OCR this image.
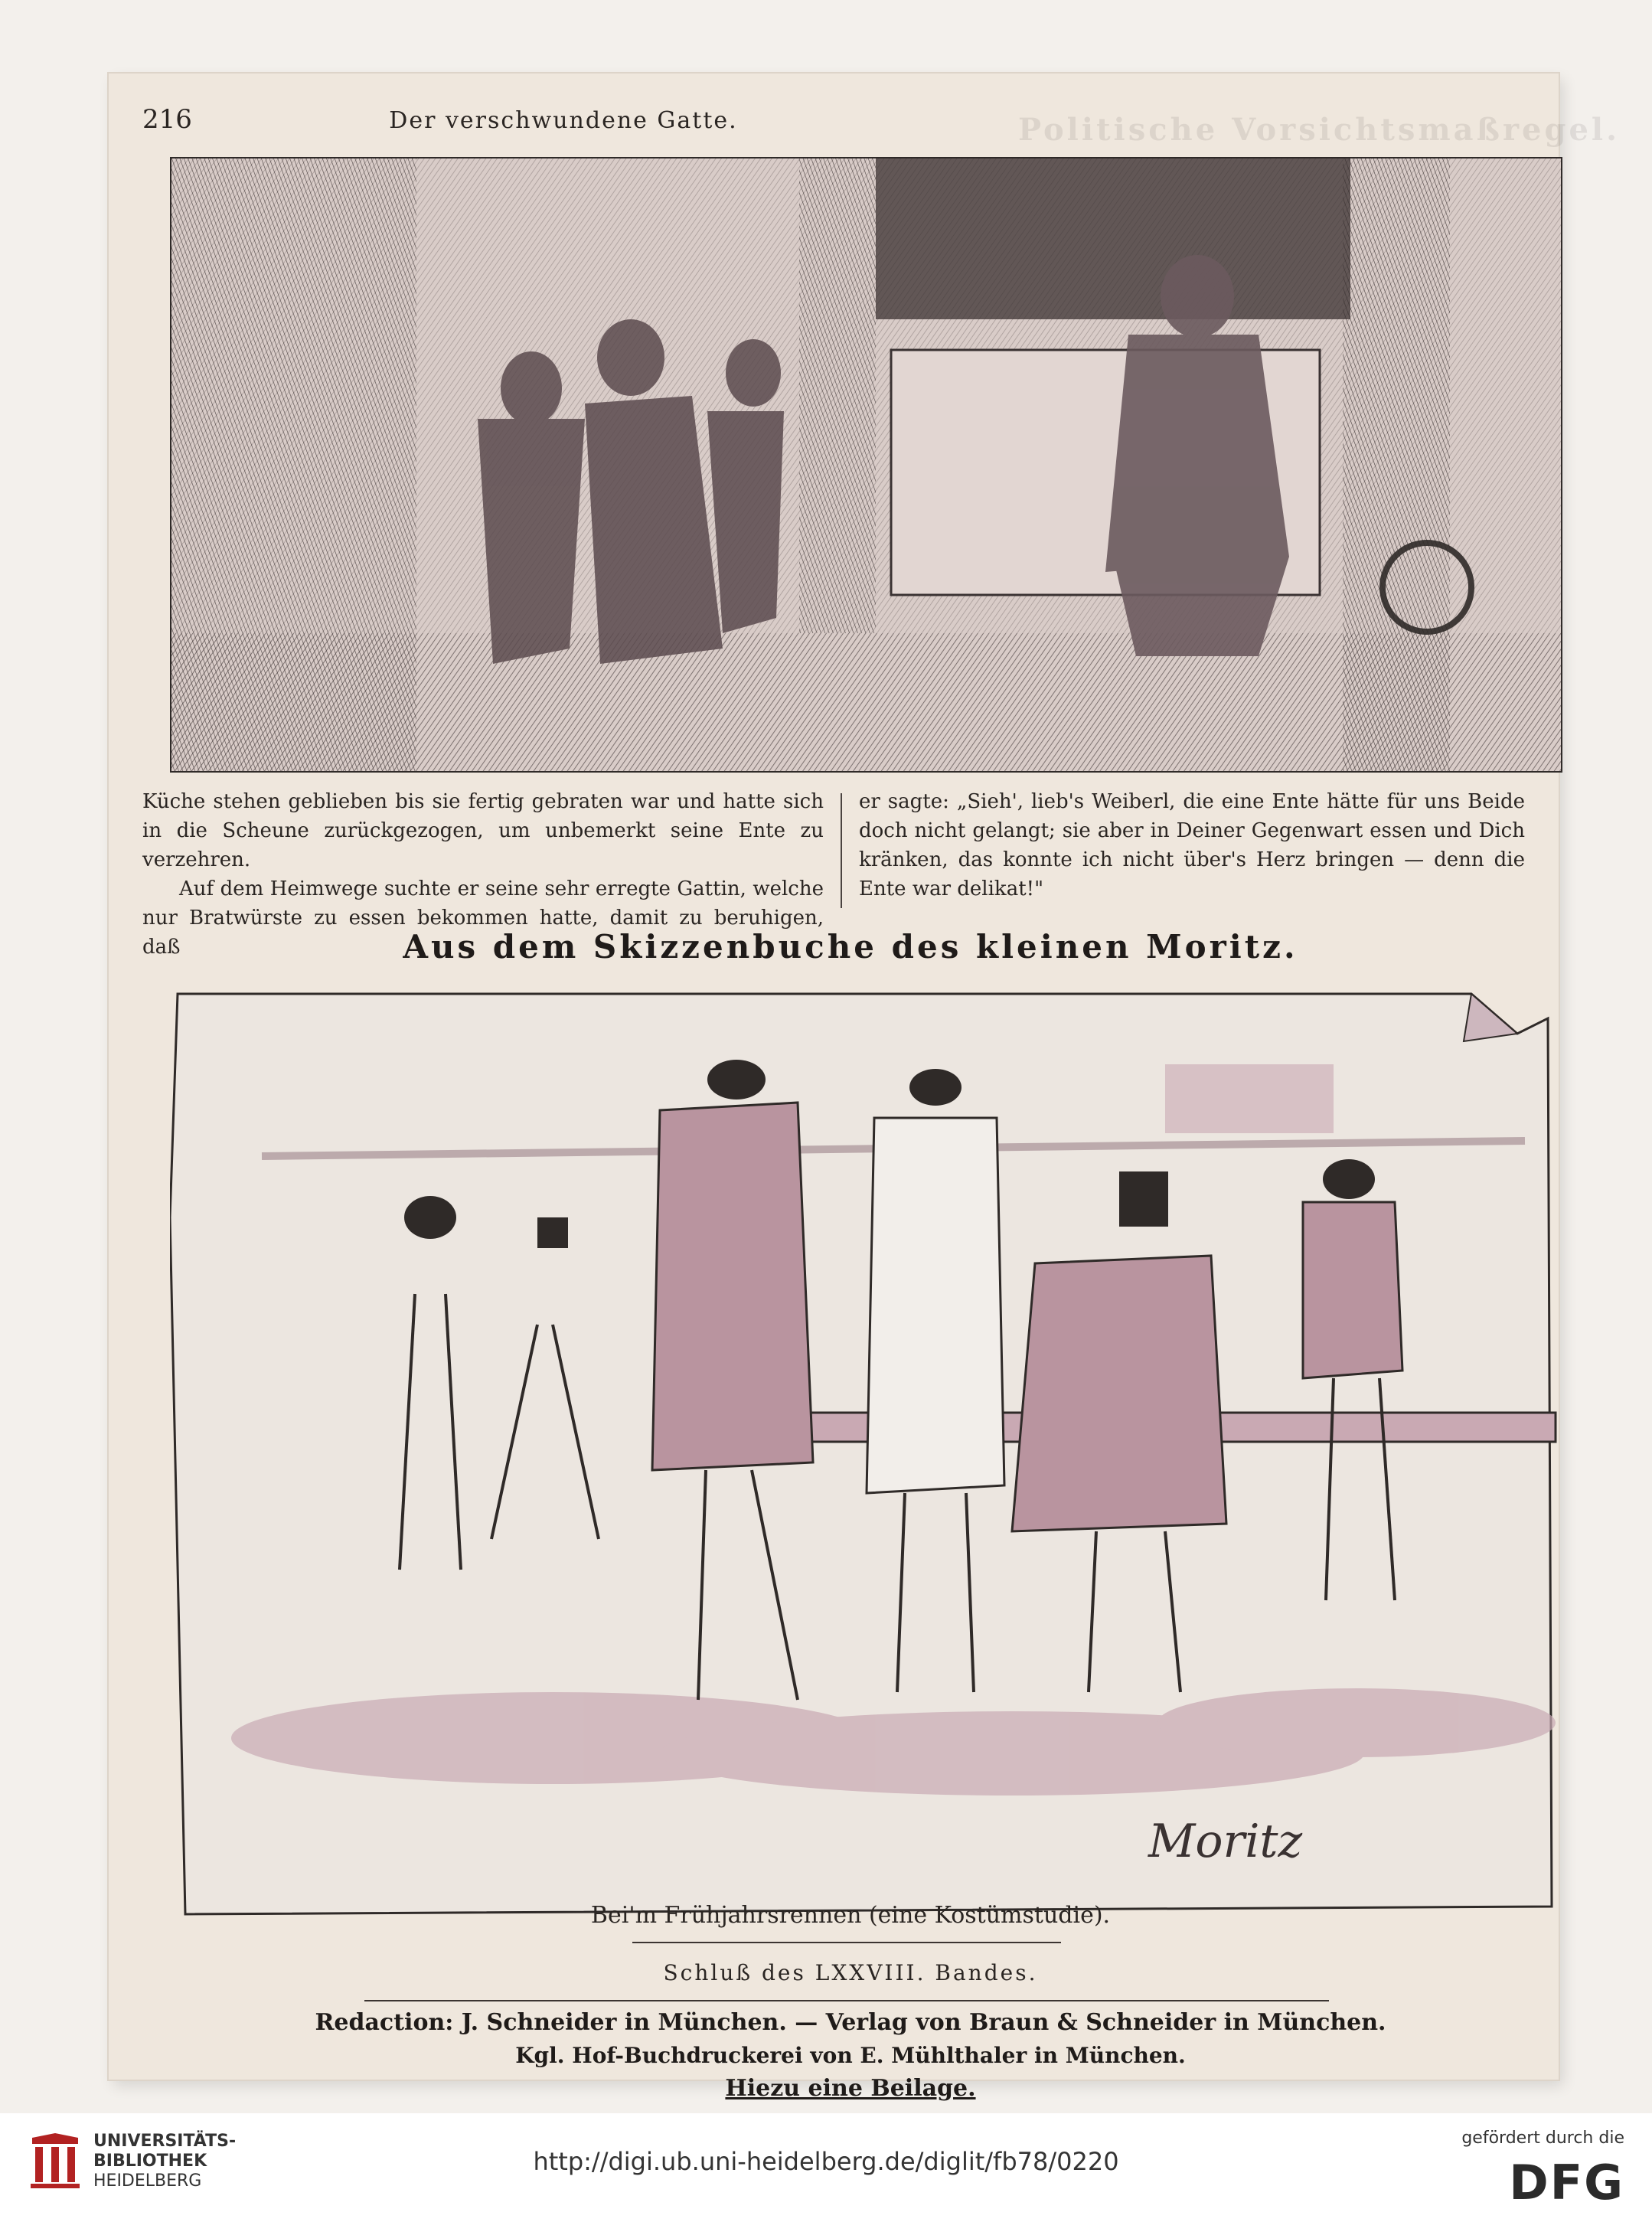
Politische Vorsichtsmaßregel.
216	Der verschwundene Gatte.

Küche stehen geblieben bis sie fertig gebraten war und hatte sich in die Scheune zurückgezogen, um unbemerkt seine Ente zu verzehren.

Auf dem Heimwege suchte er seine sehr erregte Gattin, welche nur Bratwürste zu essen bekommen hatte, damit zu beruhigen, daß

er sagte: „Sieh', lieb's Weiberl, die eine Ente hätte für uns Beide doch nicht gelangt; sie aber in Deiner Gegenwart essen und Dich kränken, das konnte ich nicht über's Herz bringen — denn die Ente war delikat!"

Aus dem Skizzenbuche des kleinen Moritz.
Moritz
Bei'm Frühjahrsrennen (eine Kostümstudie).
Schluß des LXXVIII. Bandes.
Redaction: J. Schneider in München. — Verlag von Braun & Schneider in München.
Kgl. Hof-Buchdruckerei von E. Mühlthaler in München.
Hiezu eine Beilage.
UNIVERSITÄTS-
BIBLIOTHEK
HEIDELBERG
http://digi.ub.uni-heidelberg.de/diglit/fb78/0220
gefördert durch die
DFG
